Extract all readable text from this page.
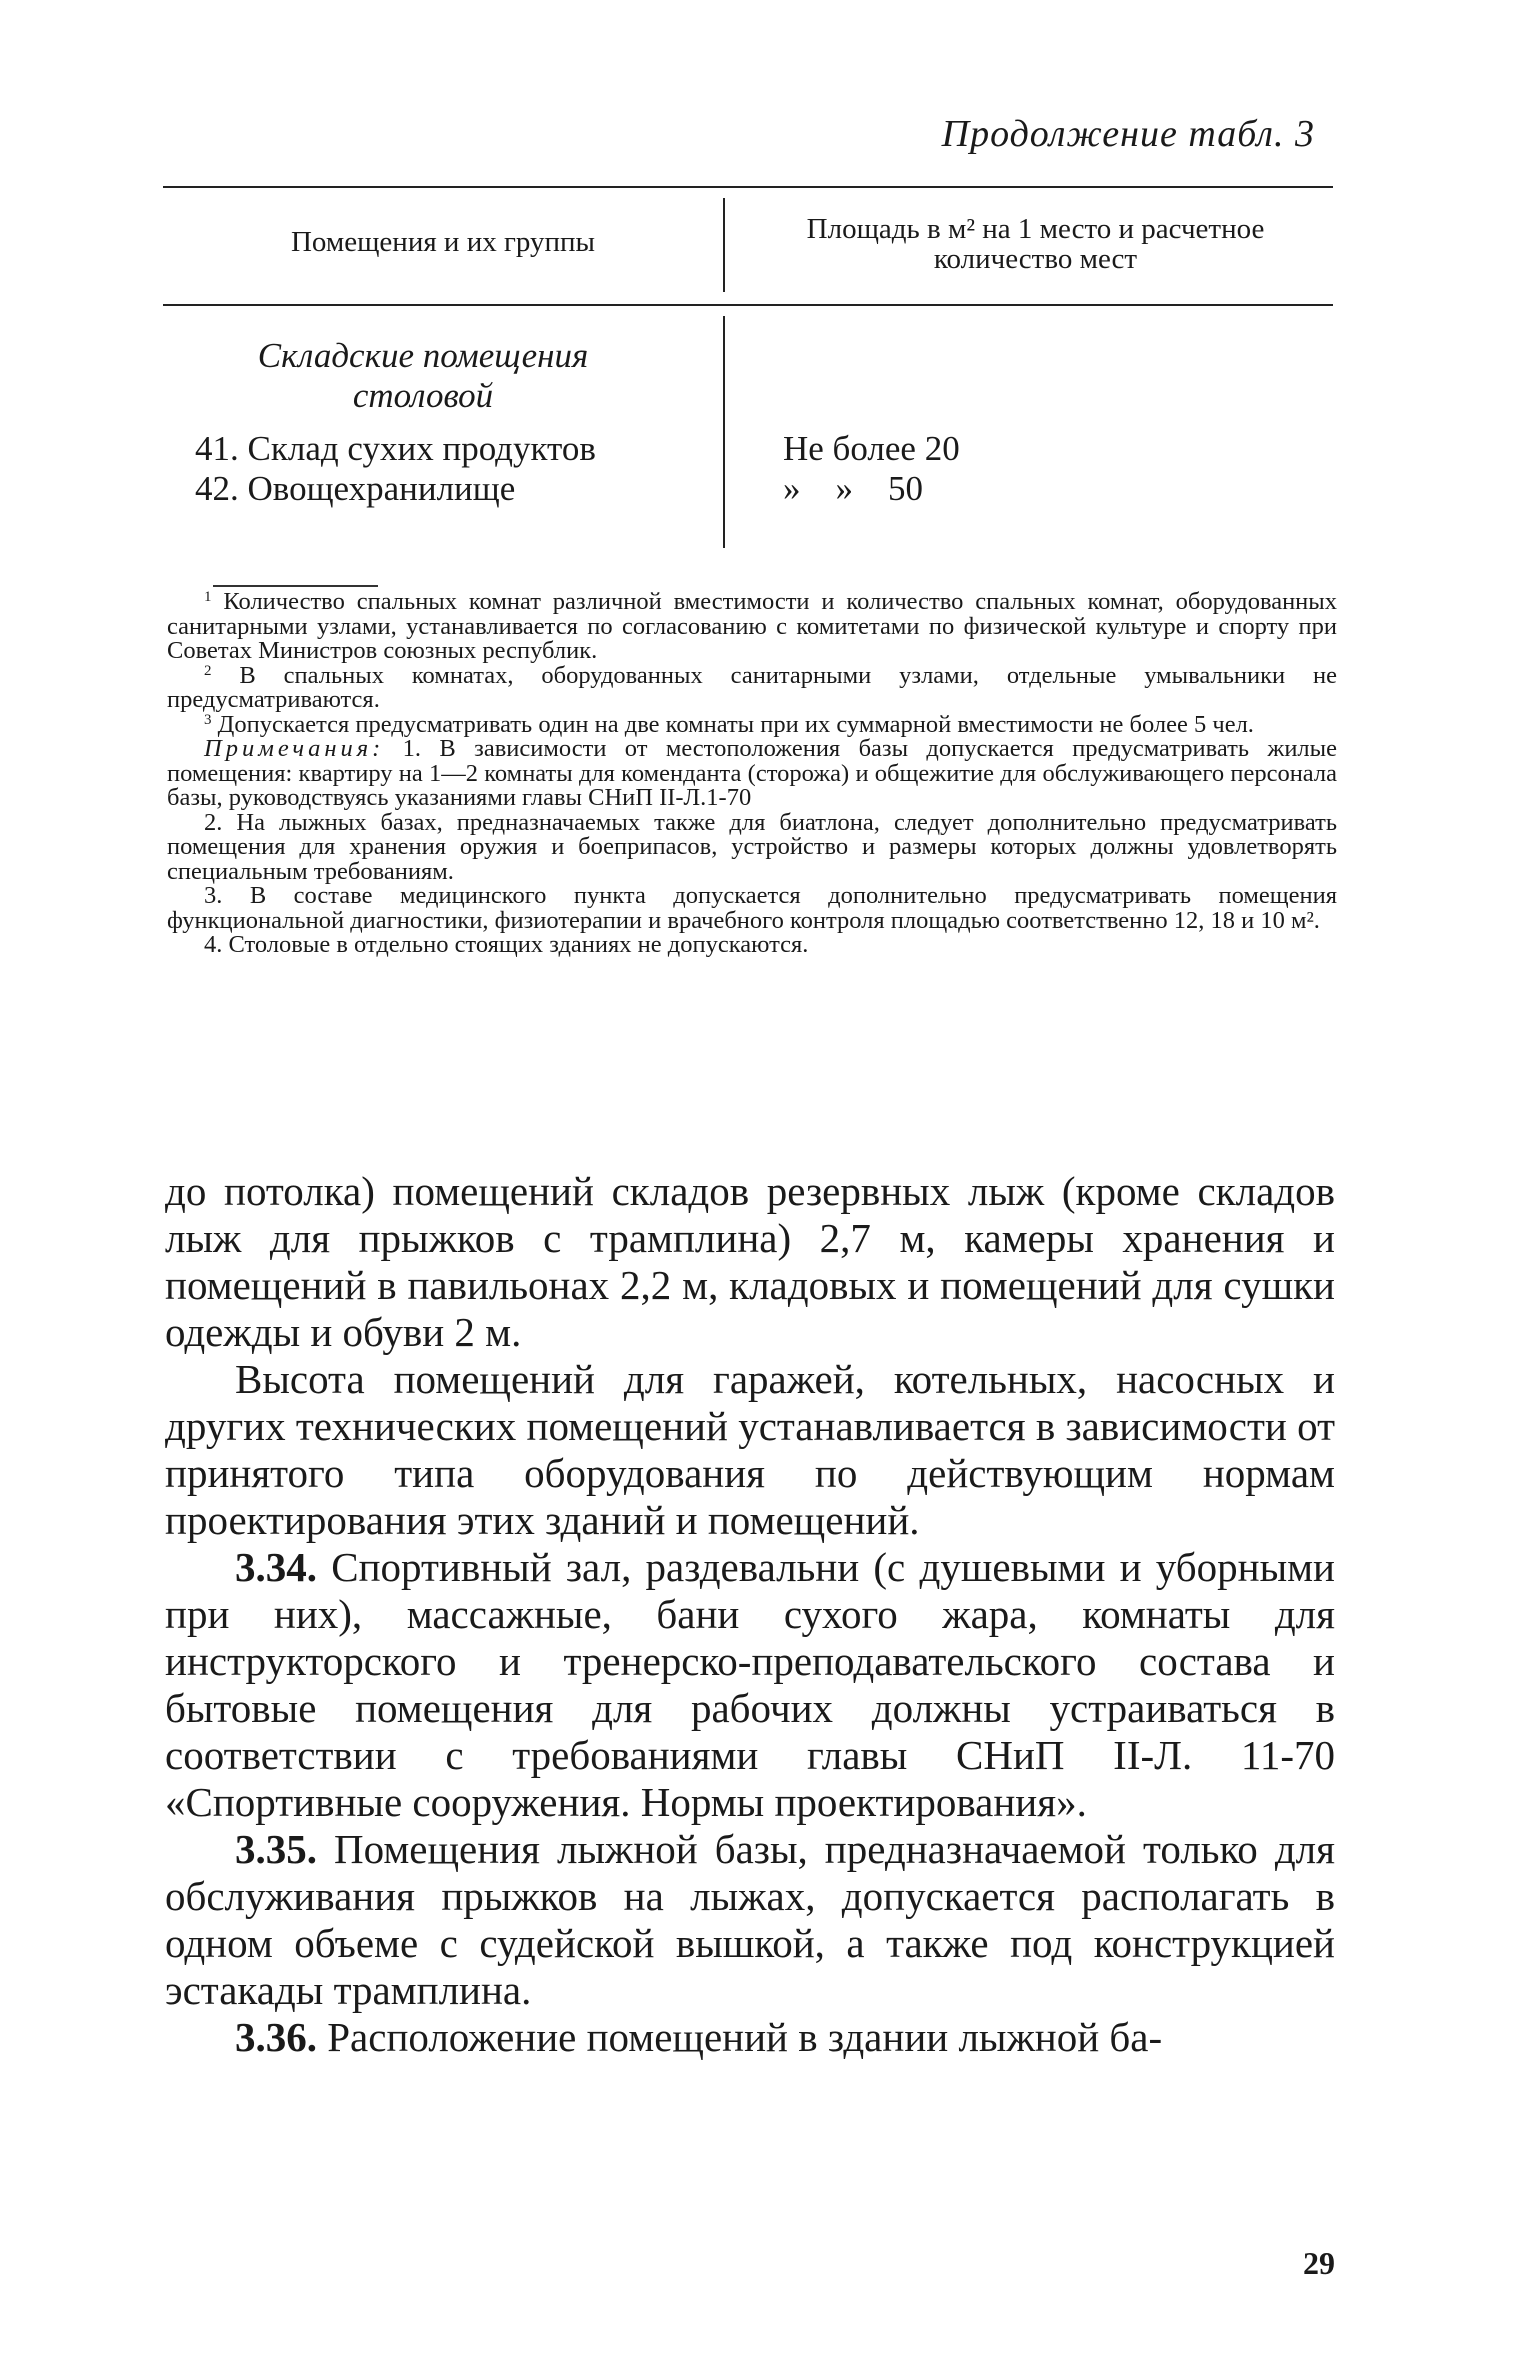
Продолжение табл. 3
Помещения и их группы	Площадь в м² на 1 место и расчетное
количество мест
Складские помещения
столовой
41. Склад сухих продуктов	Не более 20
42. Овощехранилище	»    »    50

$^1$ Количество спальных комнат различной вместимости и количество спальных комнат, оборудованных санитарными узлами, устанавливается по согласованию с комитетами по физической культуре и спорту при Советах Министров союзных республик.

$^2$ В спальных комнатах, оборудованных санитарными узлами, отдельные умывальники не предусматриваются.

$^3$ Допускается предусматривать один на две комнаты при их суммарной вместимости не более 5 чел.

Примечания: 1. В зависимости от местоположения базы допускается предусматривать жилые помещения: квартиру на 1—2 комнаты для коменданта (сторожа) и общежитие для обслуживающего персонала базы, руководствуясь указаниями главы СНиП II-Л.1-70

2. На лыжных базах, предназначаемых также для биатлона, следует дополнительно предусматривать помещения для хранения оружия и боеприпасов, устройство и размеры которых должны удовлетворять специальным требованиям.

3. В составе медицинского пункта допускается дополнительно предусматривать помещения функциональной диагностики, физиотерапии и врачебного контроля площадью соответственно 12, 18 и 10 м².

4. Столовые в отдельно стоящих зданиях не допускаются.

до потолка) помещений складов резервных лыж (кроме складов лыж для прыжков с трамплина) 2,7 м, камеры хранения и помещений в павильонах 2,2 м, кладовых и помещений для сушки одежды и обуви 2 м.

Высота помещений для гаражей, котельных, насосных и других технических помещений устанавливается в зависимости от принятого типа оборудования по действующим нормам проектирования этих зданий и помещений.

3.34. Спортивный зал, раздевальни (с душевыми и уборными при них), массажные, бани сухого жара, комнаты для инструкторского и тренерско-преподавательского состава и бытовые помещения для рабочих должны устраиваться в соответствии с требованиями главы СНиП II-Л. 11-70 «Спортивные сооружения. Нормы проектирования».

3.35. Помещения лыжной базы, предназначаемой только для обслуживания прыжков на лыжах, допускается располагать в одном объеме с судейской вышкой, а также под конструкцией эстакады трамплина.

3.36. Расположение помещений в здании лыжной ба-

29
